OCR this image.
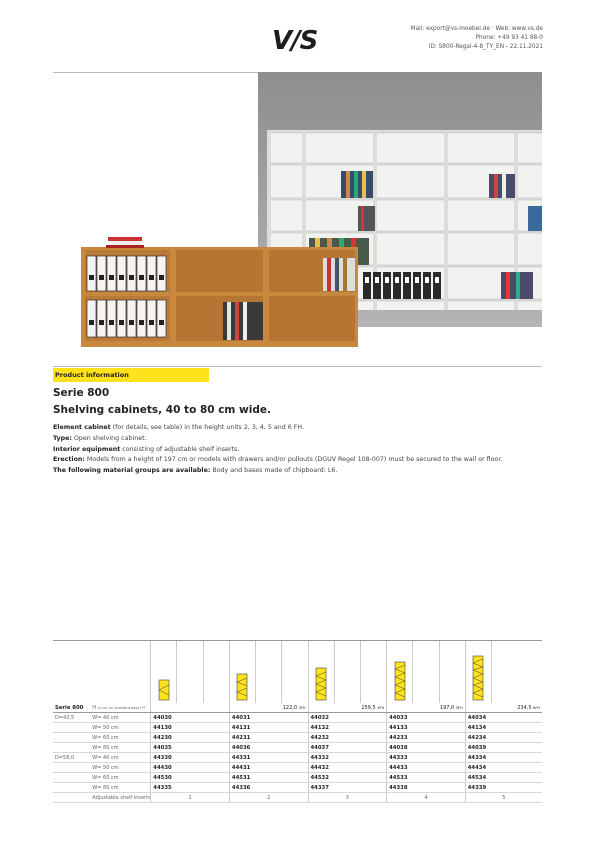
V/S	Mail: export@vs-moebel.de · Web: www.vs.de
Phone: +49 93 41 88-0
ID: S800-Regal-4-8_TY_EN - 22.11.2021
Product information
Serie 800
Shelving cabinets, 40 to 80 cm wide.

Element cabinet (for details, see table) in the height units 2, 3, 4, 5 and 6 FH.

Type: Open shelving cabinet.

Interior equipment consisting of adjustable shelf inserts.

Erection: Models from a height of 197 cm or models with drawers and/or pullouts (DGUV Regel 108-007) must be secured to the wall or floor.

The following material groups are available: Body and bases made of chipboard: L6.

Serie 800	H in cm (or standard base) **				122,0 3FH			159,5 4FH			197,0 5FH			234,5 6FH	
D=42,5	W= 40 cm	44030			44031			44032			44033			44034	
	W= 50 cm	44130			44131			44132			44133			44134	
	W= 60 cm	44230			44231			44232			44233			44234	
	W= 80 cm	44035			44036			44037			44038			44039	
D=58,0	W= 40 cm	44330			44331			44332			44333			44334	
	W= 50 cm	44430			44431			44432			44433			44434	
	W= 60 cm	44530			44531			44532			44533			44534	
	W= 80 cm	44335			44336			44337			44338			44339	
	Adjustable shelf inserts	1			2			3			4			5	
